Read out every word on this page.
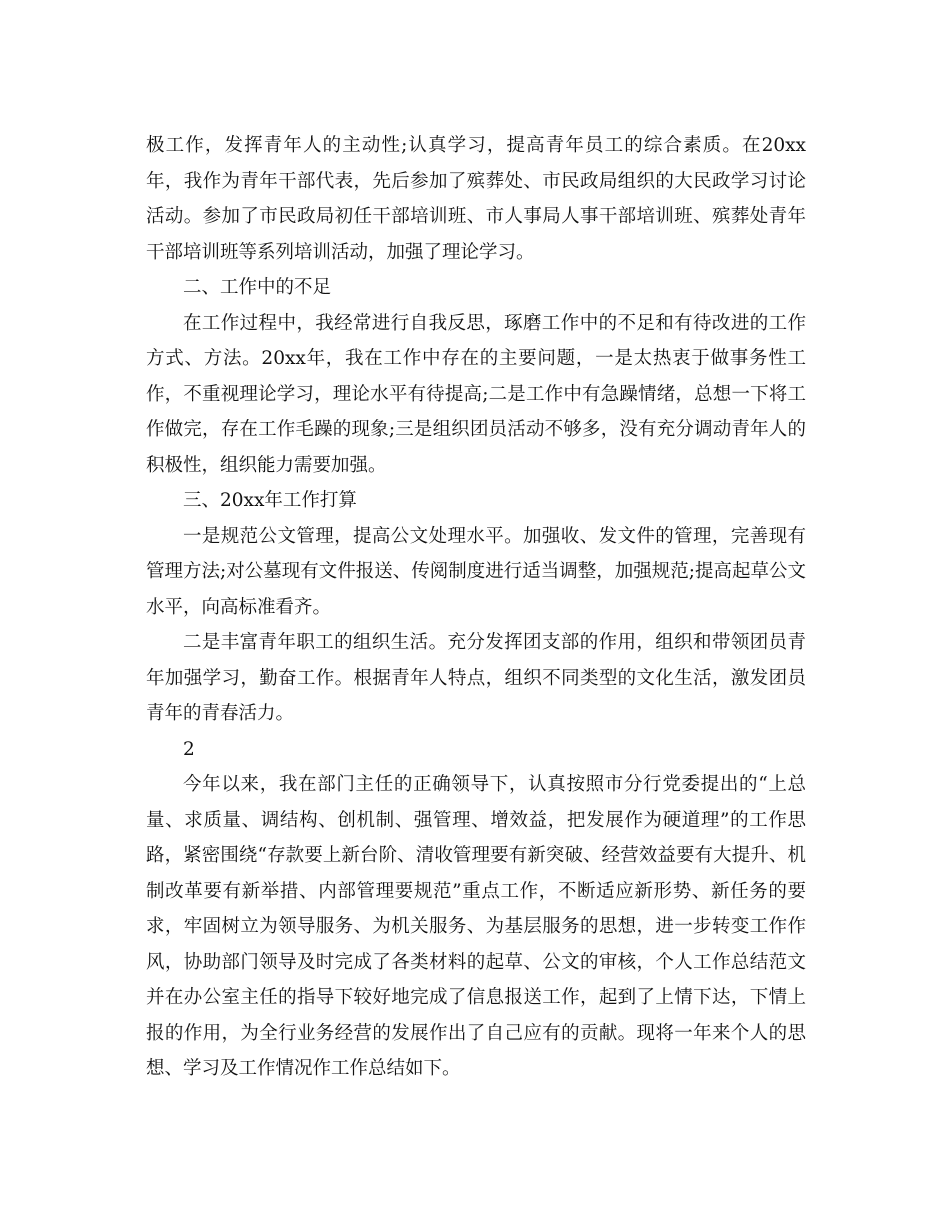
极工作，发挥青年人的主动性;认真学习，提高青年员工的综合素质。在20xx年，我作为青年干部代表，先后参加了殡葬处、市民政局组织的大民政学习讨论活动。参加了市民政局初任干部培训班、市人事局人事干部培训班、殡葬处青年干部培训班等系列培训活动，加强了理论学习。

二、工作中的不足

在工作过程中，我经常进行自我反思，琢磨工作中的不足和有待改进的工作方式、方法。20xx年，我在工作中存在的主要问题，一是太热衷于做事务性工作，不重视理论学习，理论水平有待提高;二是工作中有急躁情绪，总想一下将工作做完，存在工作毛躁的现象;三是组织团员活动不够多，没有充分调动青年人的积极性，组织能力需要加强。

三、20xx年工作打算

一是规范公文管理，提高公文处理水平。加强收、发文件的管理，完善现有管理方法;对公墓现有文件报送、传阅制度进行适当调整，加强规范;提高起草公文水平，向高标准看齐。

二是丰富青年职工的组织生活。充分发挥团支部的作用，组织和带领团员青年加强学习，勤奋工作。根据青年人特点，组织不同类型的文化生活，激发团员青年的青春活力。

2

今年以来，我在部门主任的正确领导下，认真按照市分行党委提出的“上总量、求质量、调结构、创机制、强管理、增效益，把发展作为硬道理”的工作思路，紧密围绕“存款要上新台阶、清收管理要有新突破、经营效益要有大提升、机制改革要有新举措、内部管理要规范”重点工作，不断适应新形势、新任务的要求，牢固树立为领导服务、为机关服务、为基层服务的思想，进一步转变工作作风，协助部门领导及时完成了各类材料的起草、公文的审核，个人工作总结范文并在办公室主任的指导下较好地完成了信息报送工作，起到了上情下达，下情上报的作用，为全行业务经营的发展作出了自己应有的贡献。现将一年来个人的思想、学习及工作情况作工作总结如下。
